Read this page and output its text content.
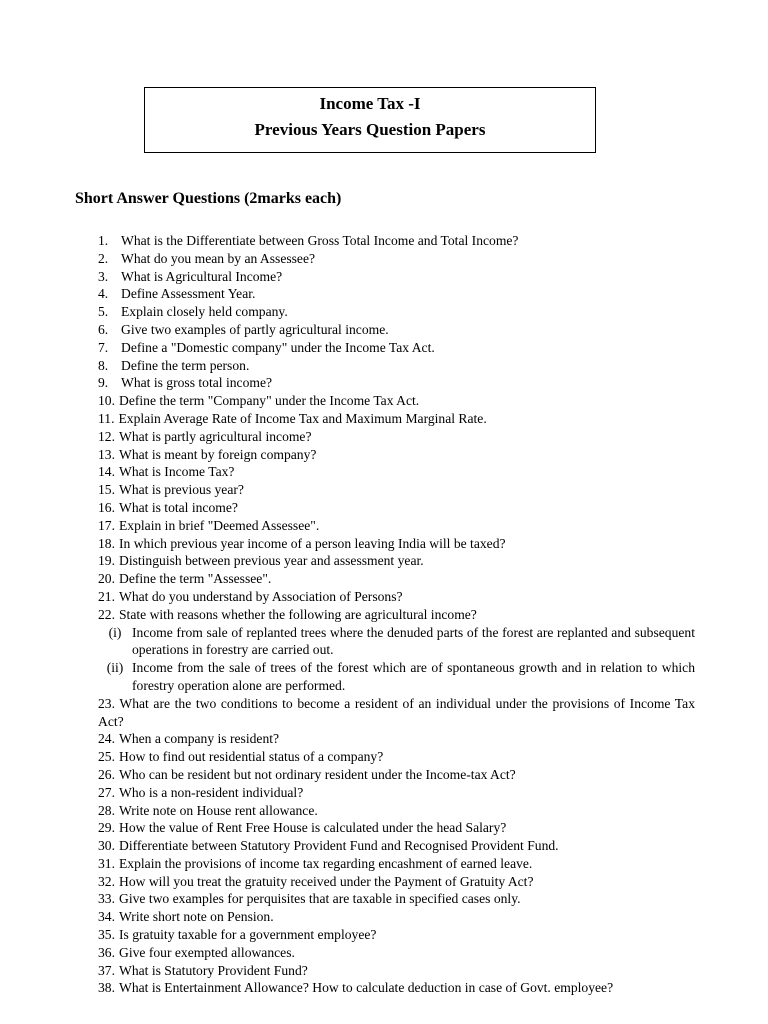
Income Tax -I
Previous Years Question Papers
Short Answer Questions (2marks each)
1. What is the Differentiate between Gross Total Income and Total Income?
2. What do you mean by an Assessee?
3. What is Agricultural Income?
4. Define Assessment Year.
5. Explain closely held company.
6. Give two examples of partly agricultural income.
7. Define a "Domestic company" under the Income Tax Act.
8. Define the term person.
9. What is gross total income?
10. Define the term "Company" under the Income Tax Act.
11. Explain Average Rate of Income Tax and Maximum Marginal Rate.
12. What is partly agricultural income?
13. What is meant by foreign company?
14. What is Income Tax?
15. What is previous year?
16. What is total income?
17. Explain in brief "Deemed Assessee".
18. In which previous year income of a person leaving India will be taxed?
19. Distinguish between previous year and assessment year.
20. Define the term "Assessee".
21. What do you understand by Association of Persons?
22. State with reasons whether the following are agricultural income?
(i) Income from sale of replanted trees where the denuded parts of the forest are replanted and subsequent operations in forestry are carried out.
(ii) Income from the sale of trees of the forest which are of spontaneous growth and in relation to which forestry operation alone are performed.
23. What are the two conditions to become a resident of an individual under the provisions of Income Tax Act?
24. When a company is resident?
25. How to find out residential status of a company?
26. Who can be resident but not ordinary resident under the Income-tax Act?
27. Who is a non-resident individual?
28. Write note on House rent allowance.
29. How the value of Rent Free House is calculated under the head Salary?
30. Differentiate between Statutory Provident Fund and Recognised Provident Fund.
31. Explain the provisions of income tax regarding encashment of earned leave.
32. How will you treat the gratuity received under the Payment of Gratuity Act?
33. Give two examples for perquisites that are taxable in specified cases only.
34. Write short note on Pension.
35. Is gratuity taxable for a government employee?
36. Give four exempted allowances.
37. What is Statutory Provident Fund?
38. What is Entertainment Allowance? How to calculate deduction in case of Govt. employee?
